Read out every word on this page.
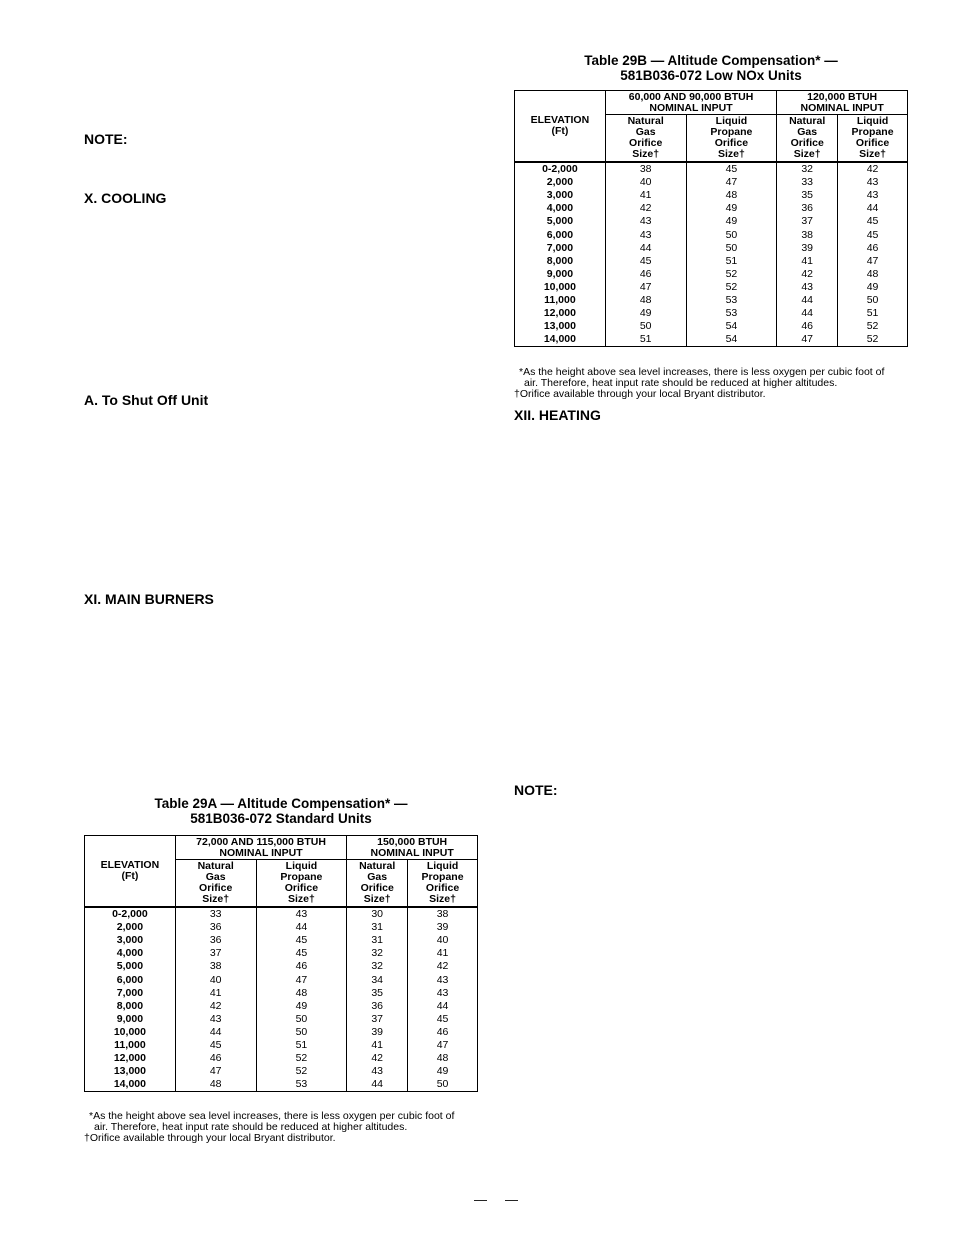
NOTE:
X. COOLING
A. To Shut Off Unit
XI. MAIN BURNERS
XII. HEATING
NOTE:
Table 29B — Altitude Compensation* —
581B036-072 Low NOx Units
ELEVATION
(Ft)	60,000 AND 90,000 BTUH
NOMINAL INPUT		120,000 BTUH
NOMINAL INPUT	

	Natural
Gas
Orifice
Size†	Liquid
Propane
Orifice
Size†	Natural
Gas
Orifice
Size†	Liquid
Propane
Orifice
Size†

0-2,000	38	45	32	42
2,000	40	47	33	43
3,000	41	48	35	43
4,000	42	49	36	44
5,000	43	49	37	45
6,000	43	50	38	45
7,000	44	50	39	46
8,000	45	51	41	47
9,000	46	52	42	48
10,000	47	52	43	49
11,000	48	53	44	50
12,000	49	53	44	51
13,000	50	54	46	52
14,000	51	54	47	52

*As the height above sea level increases, there is less oxygen per cubic foot of

air. Therefore, heat input rate should be reduced at higher altitudes.

†Orifice available through your local Bryant distributor.

Table 29A — Altitude Compensation* —
581B036-072 Standard Units
ELEVATION
(Ft)	72,000 AND 115,000 BTUH
NOMINAL INPUT		150,000 BTUH
NOMINAL INPUT	

	Natural
Gas
Orifice
Size†	Liquid
Propane
Orifice
Size†	Natural
Gas
Orifice
Size†	Liquid
Propane
Orifice
Size†

0-2,000	33	43	30	38
2,000	36	44	31	39
3,000	36	45	31	40
4,000	37	45	32	41
5,000	38	46	32	42
6,000	40	47	34	43
7,000	41	48	35	43
8,000	42	49	36	44
9,000	43	50	37	45
10,000	44	50	39	46
11,000	45	51	41	47
12,000	46	52	42	48
13,000	47	52	43	49
14,000	48	53	44	50

*As the height above sea level increases, there is less oxygen per cubic foot of

air. Therefore, heat input rate should be reduced at higher altitudes.

†Orifice available through your local Bryant distributor.

— —
